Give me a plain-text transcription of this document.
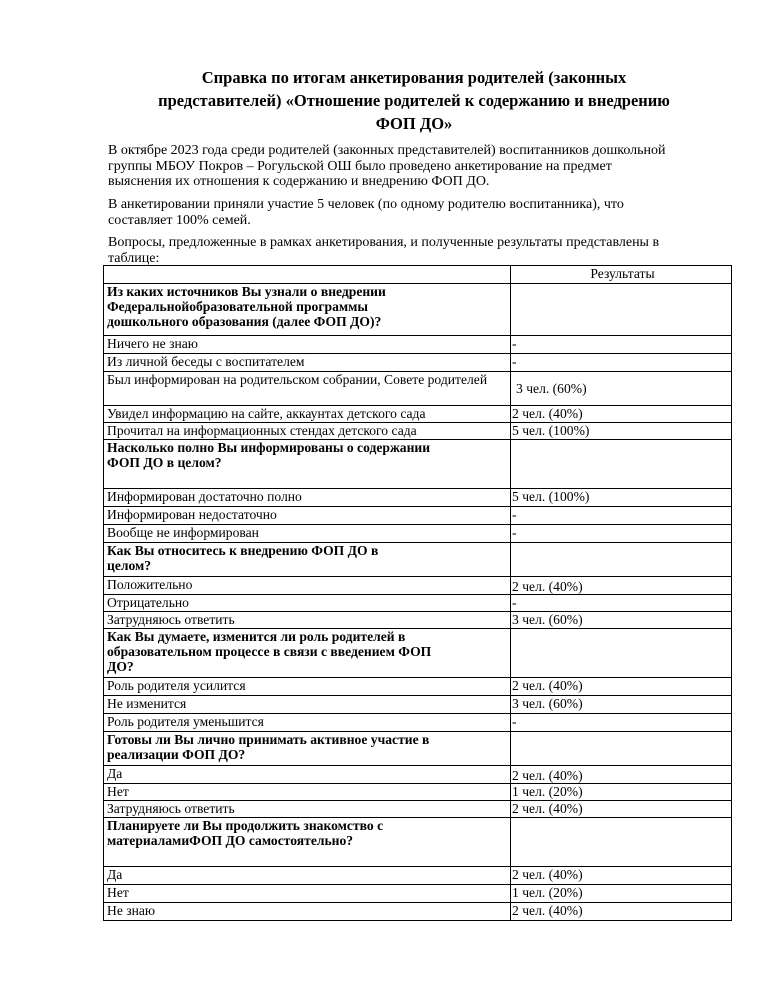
Справка по итогам анкетирования родителей (законных
представителей) «Отношение родителей к содержанию и внедрению
ФОП ДО»
В октябре 2023 года среди родителей (законных представителей) воспитанников дошкольной
группы МБОУ Покров – Рогульской ОШ было проведено анкетирование на предмет
выяснения их отношения к содержанию и внедрению ФОП ДО.
В анкетировании приняли участие 5 человек (по одному родителю воспитанника), что
составляет 100% семей.
Вопросы, предложенные в рамках анкетирования, и полученные результаты представлены в
таблице:
	Результаты

Из каких источников Вы узнали о внедрении
Федеральнойобразовательной программы
дошкольного образования (далее ФОП ДО)?	

Ничего не знаю	-
Из личной беседы с воспитателем	-
Был информирован на родительском собрании, Совете родителей	3 чел. (60%)
Увидел информацию на сайте, аккаунтах детского сада	2 чел. (40%)
Прочитал на информационных стендах детского сада	5 чел. (100%)

Насколько полно Вы информированы о содержании
ФОП ДО в целом?	

Информирован достаточно полно	5 чел. (100%)
Информирован недостаточно	-
Вообще не информирован	-

Как Вы относитесь к внедрению ФОП ДО в
целом?	

Положительно	2 чел. (40%)
Отрицательно	-
Затрудняюсь ответить	3 чел. (60%)

Как Вы думаете, изменится ли роль родителей в
образовательном процессе в связи с введением ФОП
ДО?	

Роль родителя усилится	2 чел. (40%)
Не изменится	3 чел. (60%)
Роль родителя уменьшится	-

Готовы ли Вы лично принимать активное участие в
реализации ФОП ДО?	

Да	2 чел. (40%)
Нет	1 чел. (20%)
Затрудняюсь ответить	2 чел. (40%)

Планируете ли Вы продолжить знакомство с
материаламиФОП ДО самостоятельно?	

Да	2 чел. (40%)
Нет	1 чел. (20%)
Не знаю	2 чел. (40%)
